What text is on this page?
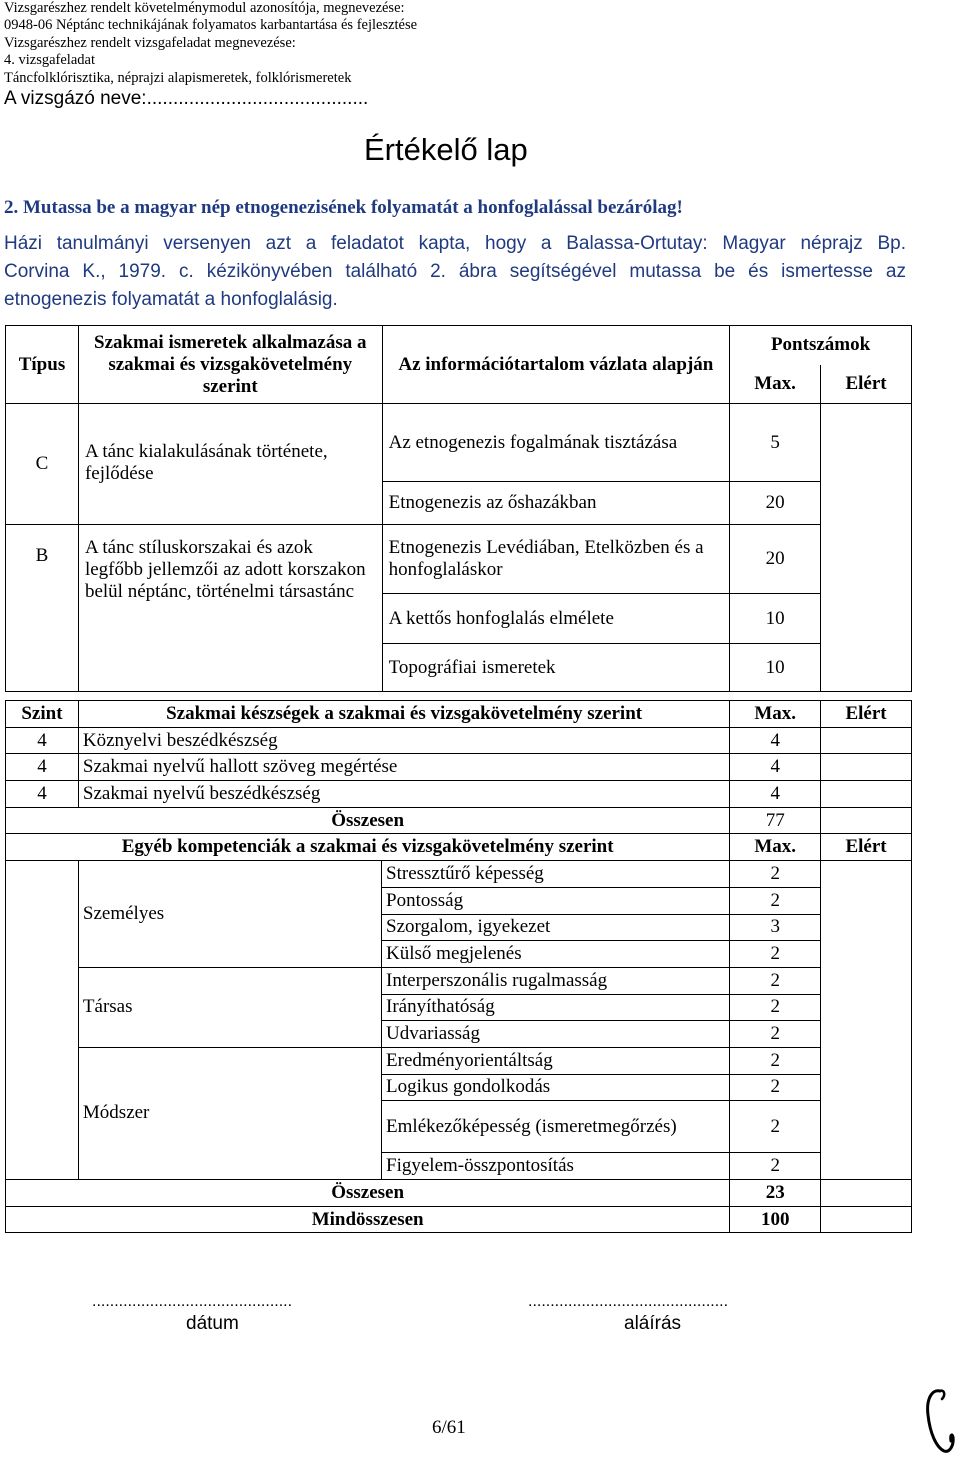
Vizsgarészhez rendelt követelménymodul azonosítója, megnevezése:
0948-06 Néptánc technikájának folyamatos karbantartása és fejlesztése
Vizsgarészhez rendelt vizsgafeladat megnevezése:
4. vizsgafeladat
Táncfolklórisztika, néprajzi alapismeretek, folklórismeretek
A vizsgázó neve:..........................................
Értékelő lap
2. Mutassa be a magyar nép etnogenezisének folyamatát a honfoglalással bezárólag!
Házi tanulmányi versenyen azt a feladatot kapta, hogy a Balassa-Ortutay: Magyar néprajz Bp.
Corvina K., 1979. c. kézikönyvében található 2. ábra segítségével mutassa be és ismertesse az
etnogenezis folyamatát a honfoglalásig.
Típus	Szakmai ismeretek alkalmazása a szakmai és vizsgakövetelmény szerint	Az információtartalom vázlata alapján	Pontszámok	
			Max.	Elért
C	A tánc kialakulásának története, fejlődése	Az etnogenezis fogalmának tisztázása	5	
		Etnogenezis az őshazákban	20	
B	A tánc stíluskorszakai és azok legfőbb jellemzői az adott korszakon belül néptánc, történelmi társastánc	Etnogenezis Levédiában, Etelközben és a honfoglaláskor	20	
		A kettős honfoglalás elmélete	10	
		Topográfiai ismeretek	10	
Szint	Szakmai készségek a szakmai és vizsgakövetelmény szerint		Max.	Elért
4	Köznyelvi beszédkészség		4	
4	Szakmai nyelvű hallott szöveg megértése		4	
4	Szakmai nyelvű beszédkészség		4	
Összesen			77	
Egyéb kompetenciák a szakmai és vizsgakövetelmény szerint			Max.	Elért
	Személyes	Stressztűrő képesség	2	
		Pontosság	2	
		Szorgalom, igyekezet	3	
		Külső megjelenés	2	
	Társas	Interperszonális rugalmasság	2	
		Irányíthatóság	2	
		Udvariasság	2	
	Módszer	Eredményorientáltság	2	
		Logikus gondolkodás	2	
		Emlékezőképesség (ismeretmegőrzés)	2	
		Figyelem-összpontosítás	2	
Összesen			23	
Mindösszesen			100	
.............................................
dátum
.............................................
aláírás
6/61
